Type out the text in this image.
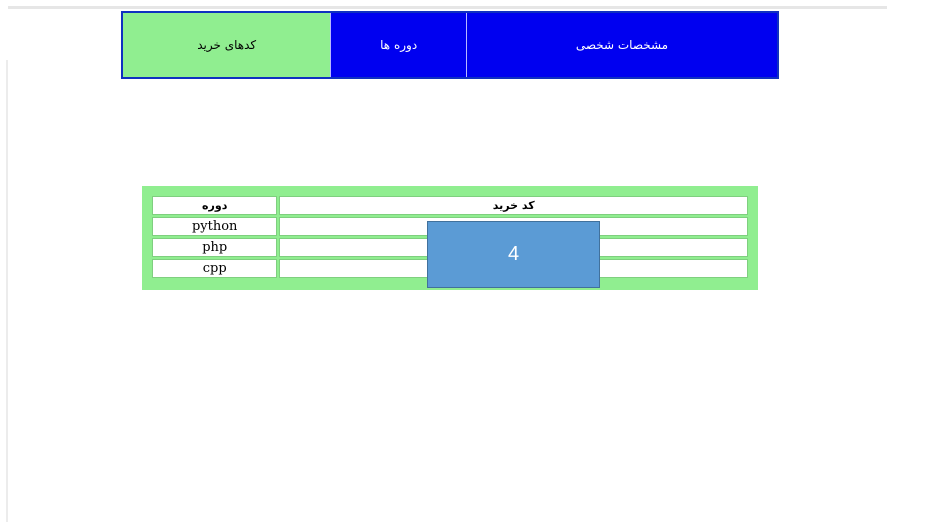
مشخصات شخصی
دوره ها
کدهای خرید
کد خرید	دوره
	python
	php
	cpp
4
